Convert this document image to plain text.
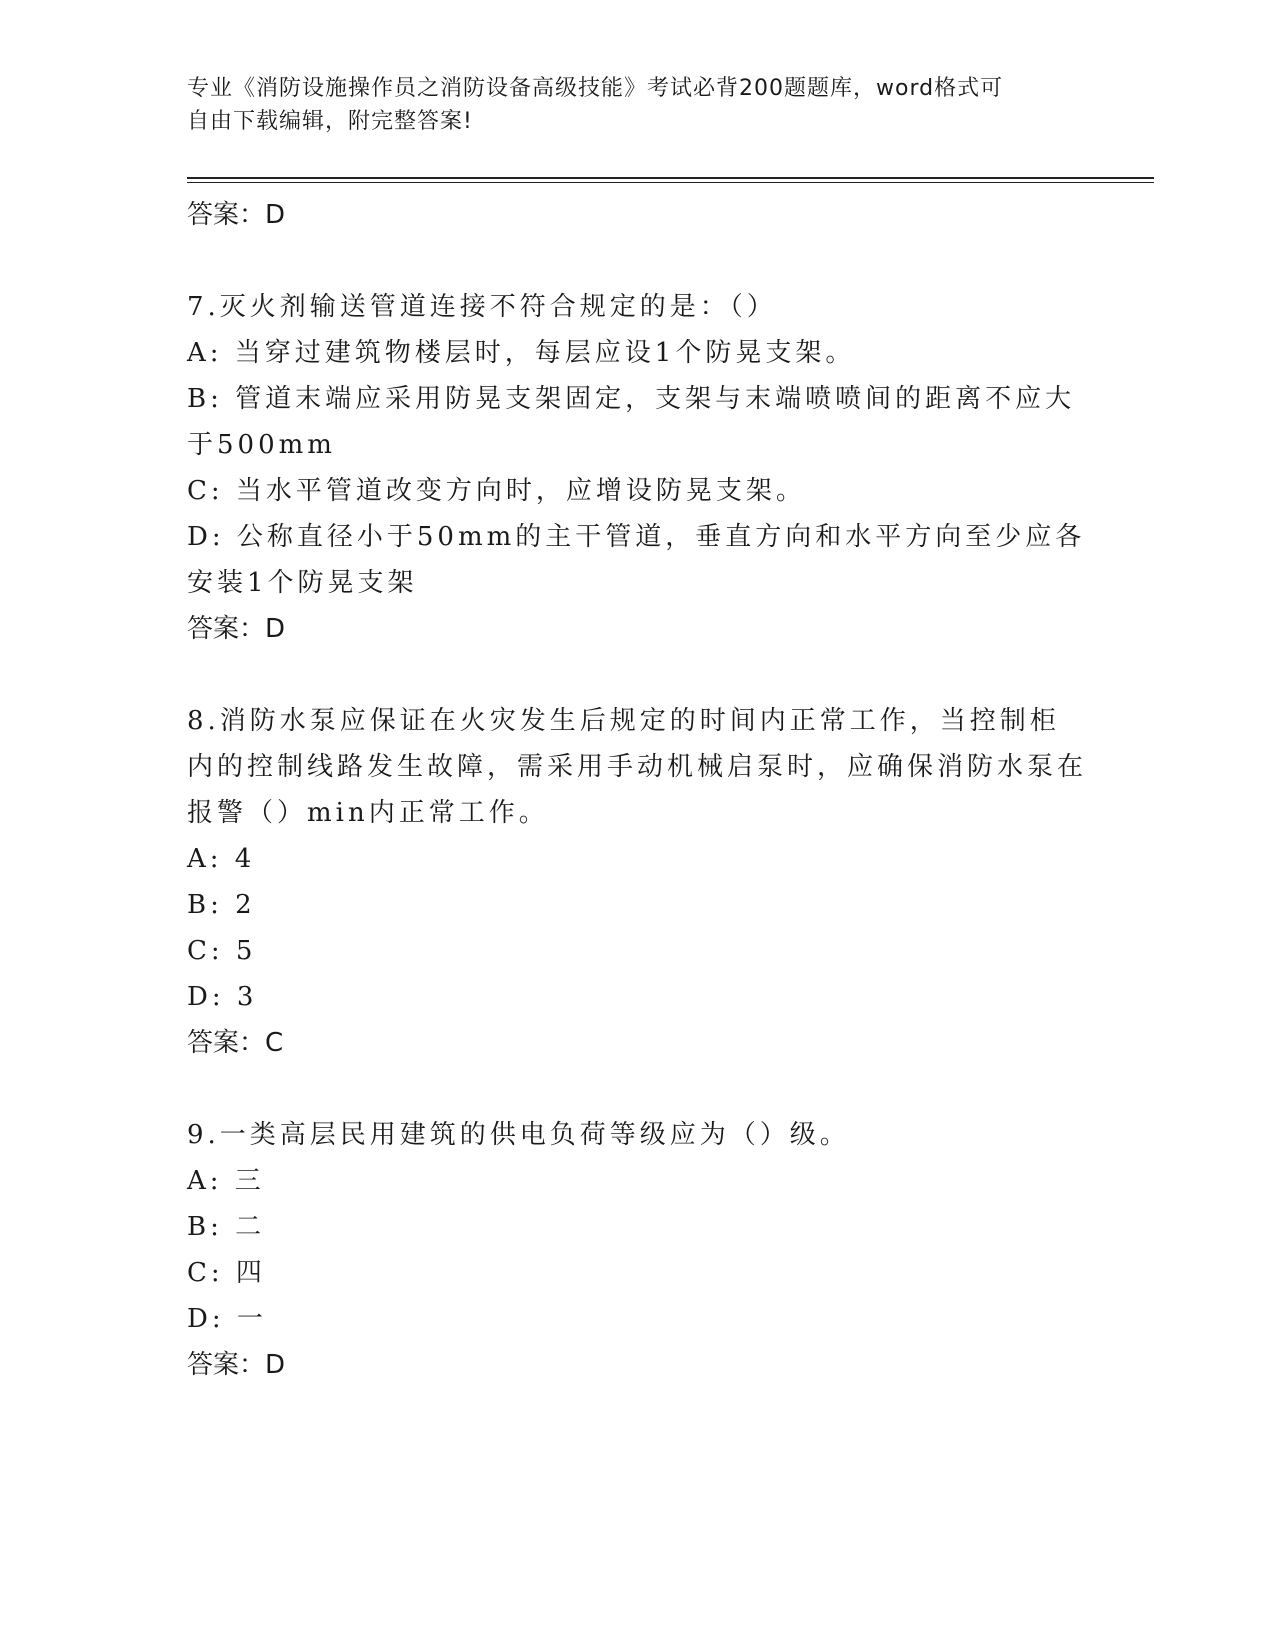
专业《消防设施操作员之消防设备高级技能》考试必背200题题库，word格式可
自由下载编辑，附完整答案!

答案：D

7.灭火剂输送管道连接不符合规定的是：（）

A: 当穿过建筑物楼层时，每层应设1个防晃支架。

B: 管道末端应采用防晃支架固定，支架与末端喷喷间的距离不应大于500mm

C: 当水平管道改变方向时，应增设防晃支架。

D: 公称直径小于50mm的主干管道，垂直方向和水平方向至少应各安装1个防晃支架

答案：D

8.消防水泵应保证在火灾发生后规定的时间内正常工作，当控制柜内的控制线路发生故障，需采用手动机械启泵时，应确保消防水泵在报警（）min内正常工作。

A: 4

B: 2

C: 5

D: 3

答案：C

9.一类高层民用建筑的供电负荷等级应为（）级。

A: 三

B: 二

C: 四

D: 一

答案：D
